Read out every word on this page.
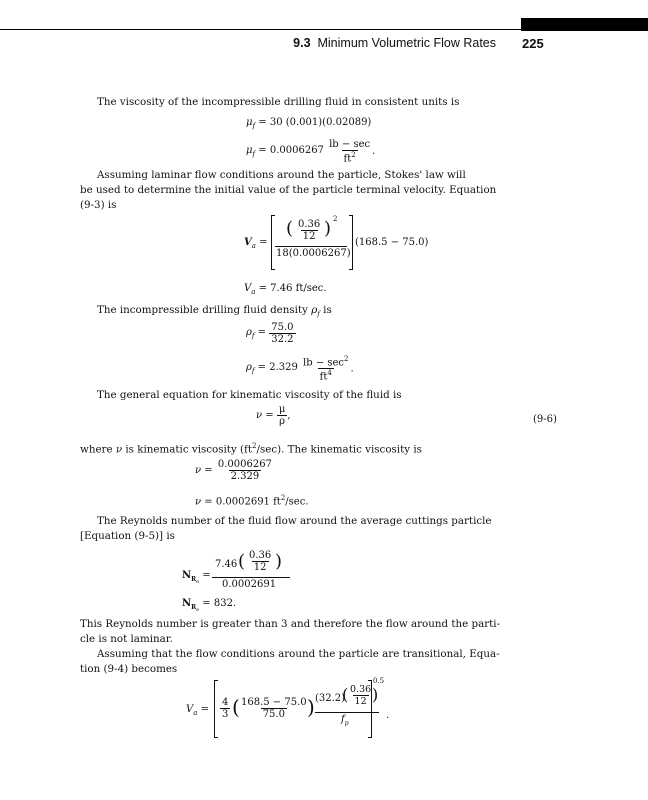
9.3 Minimum Volumetric Flow Rates 225
The viscosity of the incompressible drilling fluid in consistent units is
$\mu_f = 30$ (0.001)(0.02089)
$\mu_f = 0.0006267 \frac{lb - \sec}{ft^2}$ .
Assuming laminar flow conditions around the particle, Stokes' law will
be used to determine the initial value of the particle terminal velocity. Equation
(9-3) is
$V_a$ =
( $\frac{0.36}{12}$ ) 2
18(0.0006267)
(168.5 − 75.0)
$V_a = 7.46$ ft/sec.
The incompressible drilling fluid density $\rho_f$ is
$\rho_f = \frac{75.0}{32.2}$
$\rho_f = 2.329 \frac{lb - \sec^2}{ft^4}$ .
The general equation for kinematic viscosity of the fluid is
$\nu = \frac{\mu}{\rho}$ ,	(9-6)
where ν is kinematic viscosity $(ft^2/\sec)$. The kinematic viscosity is
$\nu = \frac{0.0006267}{2.329}$
ν = 0.0002691 $ft^2/\sec$.
The Reynolds number of the fluid flow around the average cuttings particle
[Equation (9-5)] is
$N_{R_e}$ =
7.46 ( $\frac{0.36}{12}$ )
0.0002691
$N_{R_e} = 832$.
This Reynolds number is greater than 3 and therefore the flow around the parti-
cle is not laminar.
Assuming that the flow conditions around the particle are transitional, Equa-
tion (9-4) becomes
$V_a = \frac{4}{3}$ ( $\frac{168.5 - 75.0}{75.0}$
) (32.2)
( $\frac{0.36}{12}$
)
$f_p$
0.5
.
